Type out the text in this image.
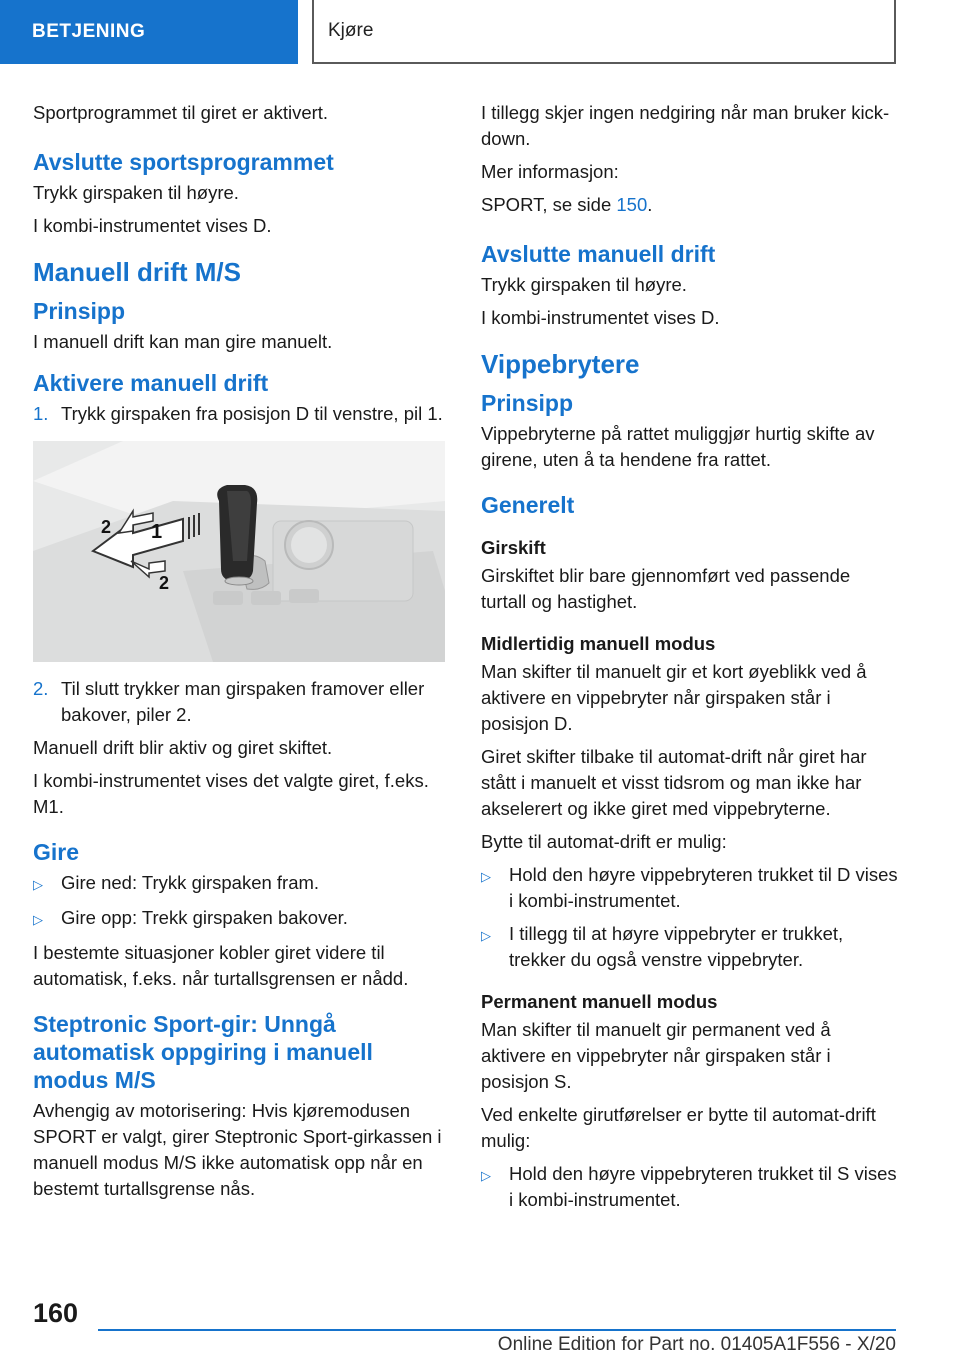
BETJENING	Kjøre

Sportprogrammet til giret er aktivert.

Avslutte sportsprogrammet

Trykk girspaken til høyre.

I kombi-instrumentet vises D.

Manuell drift M/S
Prinsipp

I manuell drift kan man gire manuelt.

Aktivere manuell drift
1. Trykk girspaken fra posisjon D til venstre, pil 1.
1
2
2
2. Til slutt trykker man girspaken framover eller bakover, piler 2.

Manuell drift blir aktiv og giret skiftet.

I kombi-instrumentet vises det valgte giret, f.eks. M1.

Gire
▷ Gire ned: Trykk girspaken fram.
▷ Gire opp: Trekk girspaken bakover.

I bestemte situasjoner kobler giret videre til automatisk, f.eks. når turtallsgrensen er nådd.

Steptronic Sport-gir: Unngå automatisk oppgiring i manuell modus M/S

Avhengig av motorisering: Hvis kjøremodusen SPORT er valgt, girer Steptronic Sport-girkassen i manuell modus M/S ikke automatisk opp når en bestemt turtallsgrense nås.

I tillegg skjer ingen nedgiring når man bruker kick-down.

Mer informasjon:

SPORT, se side 150.

Avslutte manuell drift

Trykk girspaken til høyre.

I kombi-instrumentet vises D.

Vippebrytere
Prinsipp

Vippebryterne på rattet muliggjør hurtig skifte av girene, uten å ta hendene fra rattet.

Generelt
Girskift

Girskiftet blir bare gjennomført ved passende turtall og hastighet.

Midlertidig manuell modus

Man skifter til manuelt gir et kort øyeblikk ved å aktivere en vippebryter når girspaken står i posisjon D.

Giret skifter tilbake til automat-drift når giret har stått i manuelt et visst tidsrom og man ikke har akselerert og ikke giret med vippebryterne.

Bytte til automat-drift er mulig:

▷ Hold den høyre vippebryteren trukket til D vises i kombi-instrumentet.
▷ I tillegg til at høyre vippebryter er trukket, trekker du også venstre vippebryter.
Permanent manuell modus

Man skifter til manuelt gir permanent ved å aktivere en vippebryter når girspaken står i posisjon S.

Ved enkelte girutførelser er bytte til automat-drift mulig:

▷ Hold den høyre vippebryteren trukket til S vises i kombi-instrumentet.
160
Online Edition for Part no. 01405A1F556 - X/20
